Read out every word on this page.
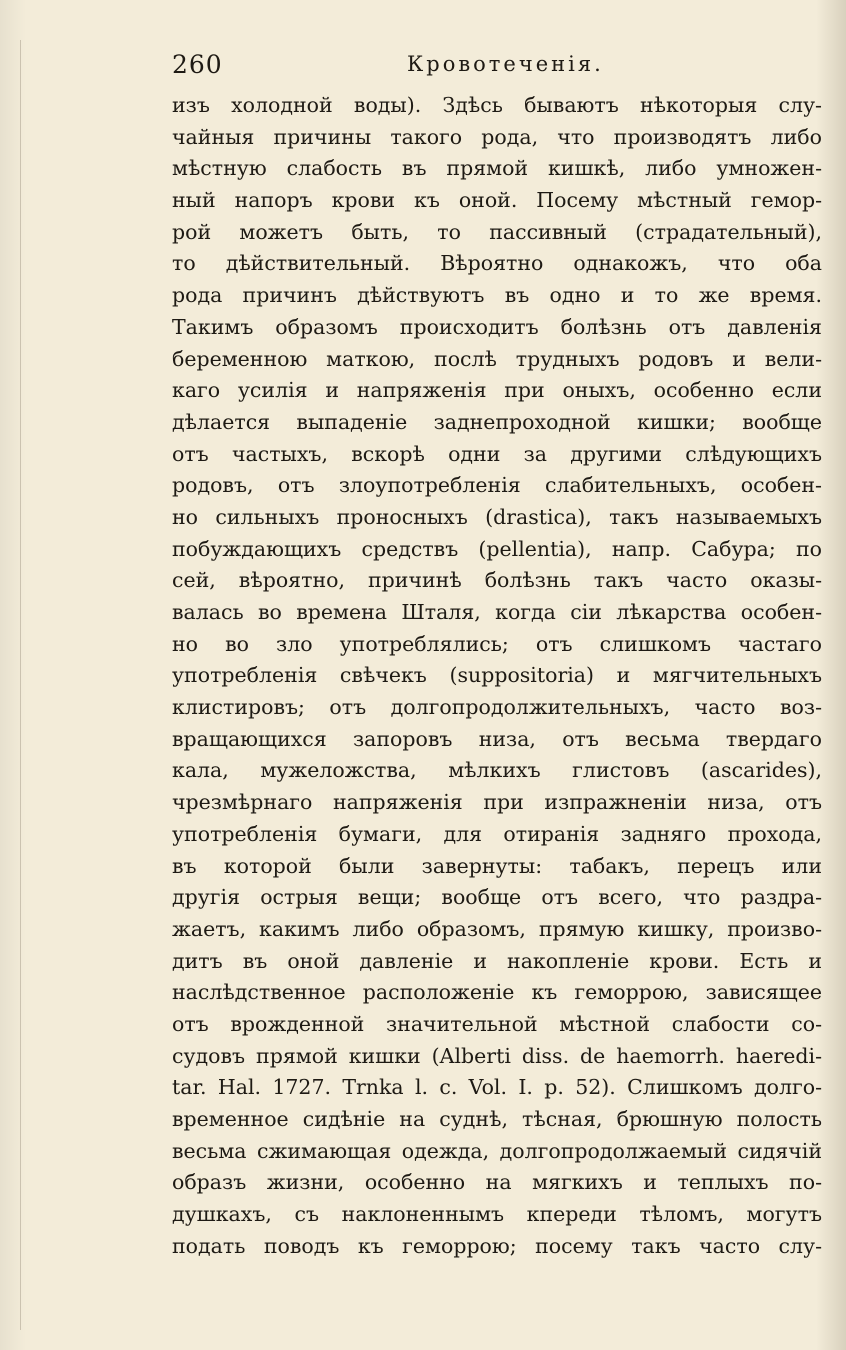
260	Кровотеченія.
изъ холодной воды). Здѣсь бываютъ нѣкоторыя слу-
чайныя причины такого рода, что производятъ либо
мѣстную слабость въ прямой кишкѣ, либо умножен-
ный напоръ крови къ оной. Посему мѣстный гемор-
рой можетъ быть, то пассивный (страдательный),
то дѣйствительный. Вѣроятно однакожъ, что оба
рода причинъ дѣйствуютъ въ одно и то же время.
Такимъ образомъ происходитъ болѣзнь отъ давленія
беременною маткою, послѣ трудныхъ родовъ и вели-
каго усилія и напряженія при оныхъ, особенно если
дѣлается выпаденіе заднепроходной кишки; вообще
отъ частыхъ, вскорѣ одни за другими слѣдующихъ
родовъ, отъ злоупотребленія слабительныхъ, особен-
но сильныхъ проносныхъ (drastica), такъ называемыхъ
побуждающихъ средствъ (pellentia), напр. Сабура; по
сей, вѣроятно, причинѣ болѣзнь такъ часто оказы-
валась во времена Шталя, когда сіи лѣкарства особен-
но во зло употреблялись; отъ слишкомъ частаго
употребленія свѣчекъ (suppositoria) и мягчительныхъ
клистировъ; отъ долгопродолжительныхъ, часто воз-
вращающихся запоровъ низа, отъ весьма твердаго
кала, мужеложства, мѣлкихъ глистовъ (ascarides),
чрезмѣрнаго напряженія при изпражненіи низа, отъ
употребленія бумаги, для отиранія задняго прохода,
въ которой были завернуты: табакъ, перецъ или
другія острыя вещи; вообще отъ всего, что раздра-
жаетъ, какимъ либо образомъ, прямую кишку, произво-
дитъ въ оной давленіе и накопленіе крови. Есть и
наслѣдственное расположеніе къ геморрою, зависящее
отъ врожденной значительной мѣстной слабости со-
судовъ прямой кишки (Alberti diss. de haemorrh. haeredi-
tar. Hal. 1727. Trnka l. c. Vol. I. p. 52). Слишкомъ долго-
временное сидѣніе на суднѣ, тѣсная, брюшную полость
весьма сжимающая одежда, долгопродолжаемый сидячій
образъ жизни, особенно на мягкихъ и теплыхъ по-
душкахъ, съ наклоненнымъ кпереди тѣломъ, могутъ
подать поводъ къ геморрою; посему такъ часто слу-
